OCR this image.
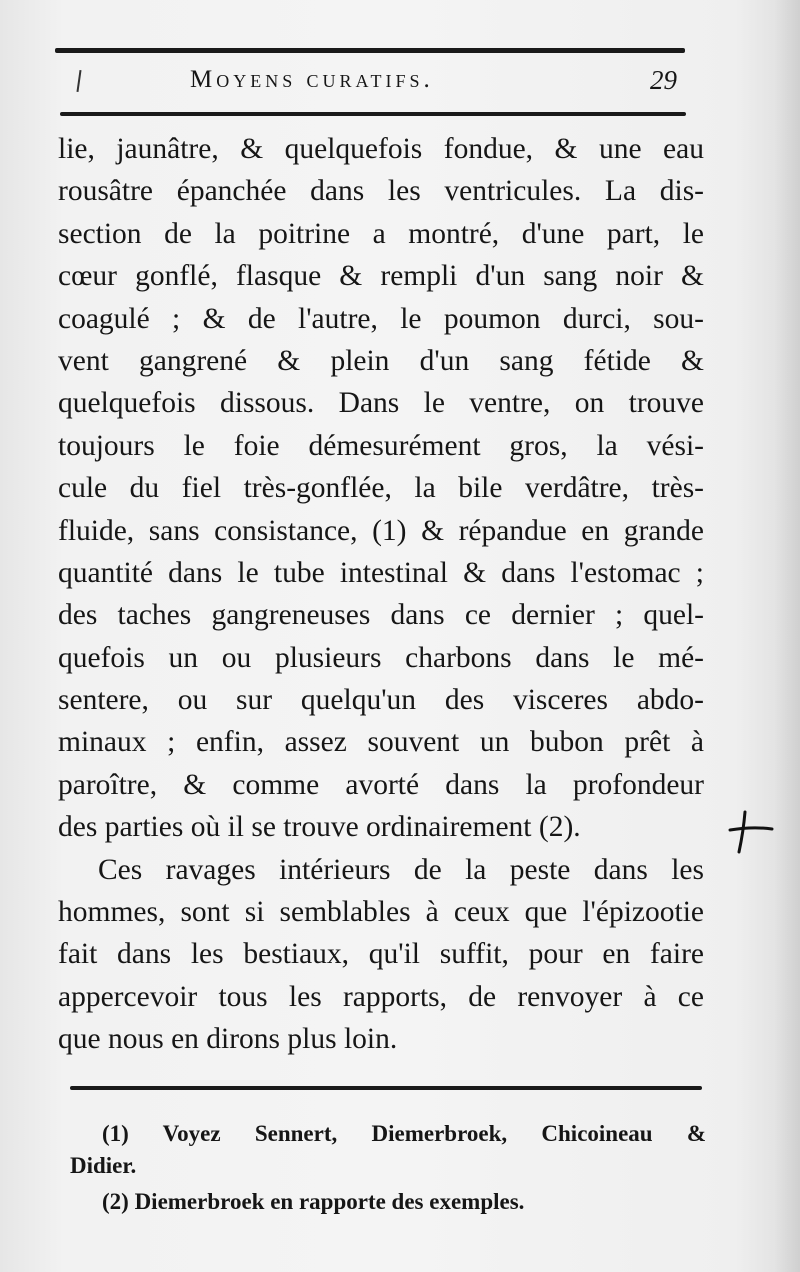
Moyens curatifs.	29
lie, jaunâtre, & quelquefois fondue, & une eau
rousâtre épanchée dans les ventricules. La dis-
section de la poitrine a montré, d'une part, le
cœur gonflé, flasque & rempli d'un sang noir &
coagulé ; & de l'autre, le poumon durci, sou-
vent gangrené & plein d'un sang fétide &
quelquefois dissous. Dans le ventre, on trouve
toujours le foie démesurément gros, la vési-
cule du fiel très-gonflée, la bile verdâtre, très-
fluide, sans consistance, (1) & répandue en grande
quantité dans le tube intestinal & dans l'estomac ;
des taches gangreneuses dans ce dernier ; quel-
quefois un ou plusieurs charbons dans le mé-
sentere, ou sur quelqu'un des visceres abdo-
minaux ; enfin, assez souvent un bubon prêt à
paroître, & comme avorté dans la profondeur
des parties où il se trouve ordinairement (2).
Ces ravages intérieurs de la peste dans les
hommes, sont si semblables à ceux que l'épizootie
fait dans les bestiaux, qu'il suffit, pour en faire
appercevoir tous les rapports, de renvoyer à ce
que nous en dirons plus loin.
(1) Voyez Sennert, Diemerbroek, Chicoineau &
Didier.
(2) Diemerbroek en rapporte des exemples.
